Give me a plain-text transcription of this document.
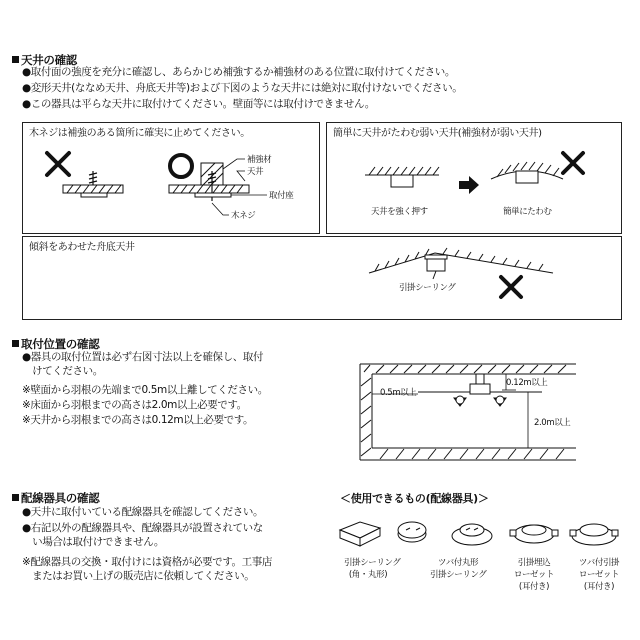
天井の確認
●取付面の強度を充分に確認し、あらかじめ補強するか補強材のある位置に取付けてください。
●変形天井(ななめ天井、舟底天井等)および下図のような天井には絶対に取付けないでください。
●この器具は平らな天井に取付けてください。壁面等には取付けできません。
木ネジは補強のある箇所に確実に止めてください。
補強材
天井
取付座
木ネジ
簡単に天井がたわむ弱い天井(補強材が弱い天井)
天井を強く押す	簡単にたわむ
傾斜をあわせた舟底天井
引掛シーリング
取付位置の確認
●器具の取付位置は必ず右図寸法以上を確保し、取付
　けてください。
※壁面から羽根の先端まで0.5m以上離してください。
※床面から羽根までの高さは2.0m以上必要です。
※天井から羽根までの高さは0.12m以上必要です。
0.5m以上
0.12m以上
2.0m以上
配線器具の確認
●天井に取付いている配線器具を確認してください。
●右記以外の配線器具や、配線器具が設置されていな
　い場合は取付けできません。
※配線器具の交換・取付けには資格が必要です。工事店
　またはお買い上げの販売店に依頼してください。
＜使用できるもの(配線器具)＞
引掛シーリング
(角・丸形)
ツバ付丸形
引掛シーリング
引掛埋込
ローゼット
(耳付き)
ツバ付引掛
ローゼット
(耳付き)
